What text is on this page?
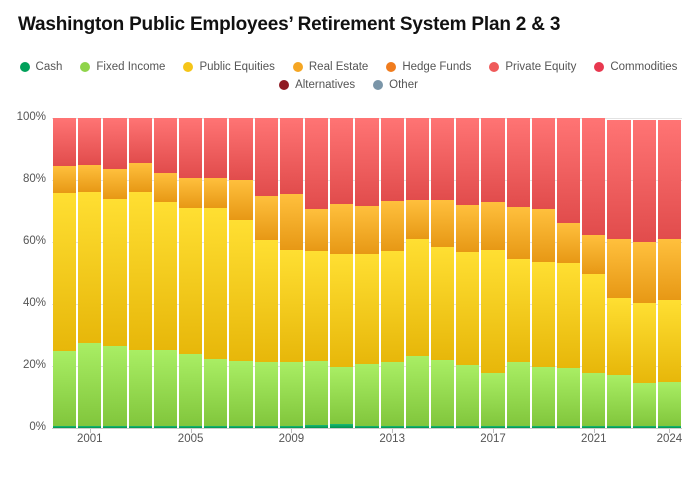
Washington Public Employees’ Retirement System Plan 2 & 3
Cash	Fixed Income	Public Equities	Real Estate	Hedge Funds	Private Equity	Commodities
Alternatives	Other
0%
20%
40%
60%
80%
100%
2001	2005	2009	2013	2017	2021	2024
